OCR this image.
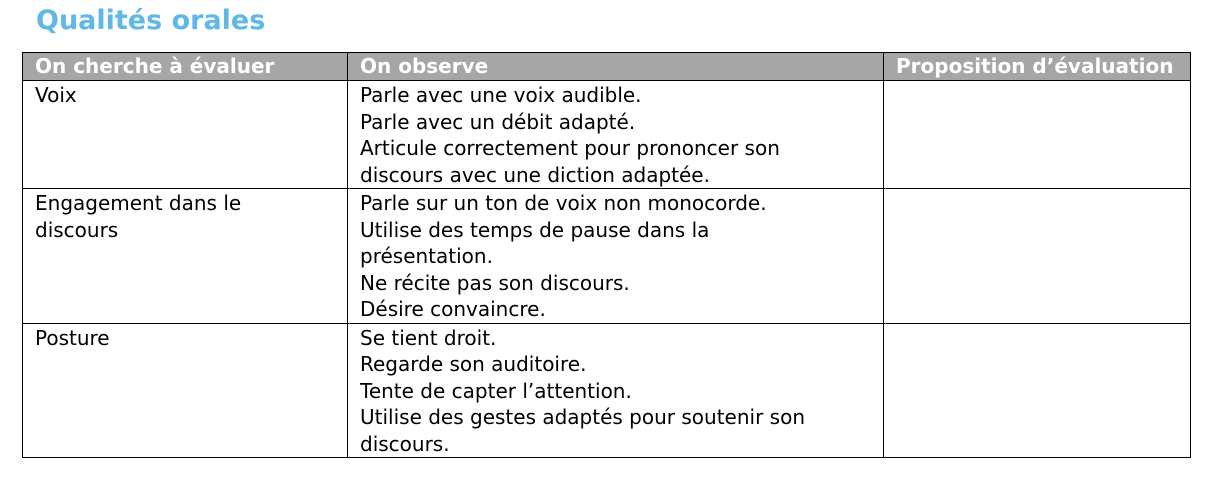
Qualités orales
On cherche à évaluer	On observe	Proposition d’évaluation

Voix	Parle avec une voix audible.
Parle avec un débit adapté.
Articule correctement pour prononcer son
discours avec une diction adaptée.	

Engagement dans le
discours	Parle sur un ton de voix non monocorde.
Utilise des temps de pause dans la
présentation.
Ne récite pas son discours.
Désire convaincre.	

Posture	Se tient droit.
Regarde son auditoire.
Tente de capter l’attention.
Utilise des gestes adaptés pour soutenir son
discours.	
